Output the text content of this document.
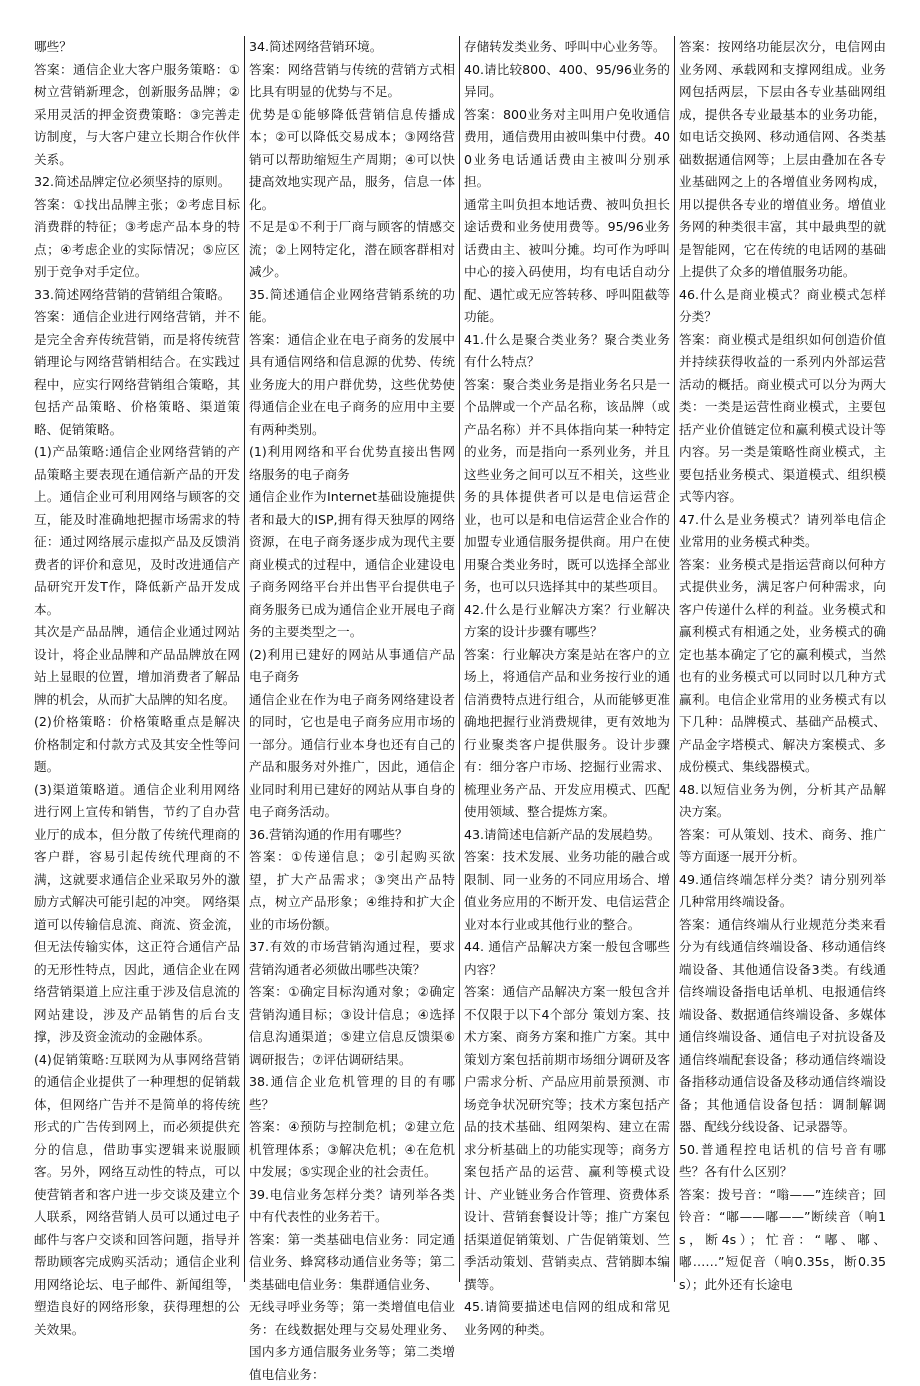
哪些？

答案：通信企业大客户服务策略：①树立营销新理念，创新服务品牌；②采用灵活的押金资费策略：③完善走访制度，与大客户建立长期合作伙伴关系。

32.简述品牌定位必须坚持的原则。

答案：①找出品牌主张；②考虑目标消费群的特征；③考虑产品本身的特点；④考虑企业的实际情况；⑤应区别于竞争对手定位。

33.简述网络营销的营销组合策略。

答案：通信企业进行网络营销，并不是完全舍弃传统营销，而是将传统营销理论与网络营销相结合。在实践过程中，应实行网络营销组合策略，其包括产品策略、价格策略、渠道策略、促销策略。

(1)产品策略:通信企业网络营销的产品策略主要表现在通信新产品的开发上。通信企业可利用网络与顾客的交互，能及时准确地把握市场需求的特征：通过网络展示虚拟产品及反馈消费者的评价和意见，及时改进通信产品研究开发T作，降低新产品开发成本。

其次是产品品牌，通信企业通过网站设计，将企业品牌和产品品牌放在网站上显眼的位置，增加消费者了解品牌的机会，从而扩大品牌的知名度。

(2)价格策略：价格策略重点是解决价格制定和付款方式及其安全性等问题。

(3)渠道策略道。通信企业利用网络进行网上宣传和销售，节约了自办营业厅的成本，但分散了传统代理商的客户群，容易引起传统代理商的不满，这就要求通信企业采取另外的激励方式解决可能引起的冲突。 网络渠道可以传输信息流、商流、资金流，但无法传输实体，这正符合通信产品的无形性特点，因此，通信企业在网络营销渠道上应注重于涉及信息流的网站建设，涉及产品销售的后台支撑，涉及资金流动的金融体系。

(4)促销策略:互联网为从事网络营销的通信企业提供了一种理想的促销载体，但网络广告并不是简单的将传统形式的广告传到网上，而必须提供充分的信息，借助事实逻辑来说服顾客。另外，网络互动性的特点，可以使营销者和客户进一步交谈及建立个人联系，网络营销人员可以通过电子邮件与客户交谈和回答问题，指导并帮助顾客完成购买活动；通信企业利用网络论坛、电子邮件、新闻组等，塑造良好的网络形象，获得理想的公关效果。

34.简述网络营销环境。

答案：网络营销与传统的营销方式相比具有明显的优势与不足。

优势是①能够降低营销信息传播成本；②可以降低交易成本；③网络营销可以帮助缩短生产周期；④可以快捷高效地实现产品，服务，信息一体化。

不足是①不利于厂商与顾客的情感交流；②上网特定化，潜在顾客群相对减少。

35.简述通信企业网络营销系统的功能。

答案：通信企业在电子商务的发展中具有通信网络和信息源的优势、传统业务庞大的用户群优势，这些优势使得通信企业在电子商务的应用中主要有两种类别。

(1)利用网络和平台优势直接出售网络服务的电子商务

通信企业作为Internet基础设施提供者和最大的ISP,拥有得天独厚的网络资源，在电子商务逐步成为现代主要商业模式的过程中，通信企业建设电子商务网络平台并出售平台提供电子商务服务已成为通信企业开展电子商务的主要类型之一。

(2)利用已建好的网站从事通信产品电子商务

通信企业在作为电子商务网络建设者的同时，它也是电子商务应用市场的一部分。通信行业本身也还有自己的产品和服务对外推广，因此，通信企业同时利用已建好的网站从事自身的电子商务活动。

36.营销沟通的作用有哪些？

答案：①传递信息；②引起购买欲望，扩大产品需求；③突出产品特点，树立产品形象；④维持和扩大企业的市场份额。

37.有效的市场营销沟通过程，要求营销沟通者必须做出哪些决策？

答案：①确定目标沟通对象；②确定营销沟通目标；③设计信息；④选择信息沟通渠道；⑤建立信息反馈渠⑥调研报告；⑦评估调研结果。

38.通信企业危机管理的目的有哪些？

答案：④预防与控制危机；②建立危机管理体系；③解决危机；④在危机中发展；⑤实现企业的社会责任。

39.电信业务怎样分类？请列举各类中有代表性的业务若干。

答案：第一类基础电信业务：同定通信业务、蜂窝移动通信业务等；第二类基础电信业务：集群通信业务、

无线寻呼业务等；第一类增值电信业务：在线数据处理与交易处理业务、国内多方通信服务业务等；第二类增值电信业务：

存储转发类业务、呼叫中心业务等。

40.请比较800、400、95/96业务的异同。

答案：800业务对主叫用户免收通信费用，通信费用由被叫集中付费。400业务电话通话费由主被叫分别承担。

通常主叫负担本地话费、被叫负担长途话费和业务使用费等。95/96业务话费由主、被叫分摊。均可作为呼叫中心的接入码使用，均有电话自动分配、遇忙或无应答转移、呼叫阻截等功能。

41.什么是聚合类业务？聚合类业务有什么特点？

答案：聚合类业务是指业务名只是一个品牌或一个产品名称，该品牌（或产品名称）并不具体指向某一种特定的业务，而是指向一系列业务，并且这些业务之间可以互不相关，这些业务的具体提供者可以是电信运营企业，也可以是和电信运营企业合作的加盟专业通信服务提供商。用户在使用聚合类业务时，既可以选择全部业务，也可以只选择其中的某些项目。

42.什么是行业解决方案？行业解决方案的设计步骤有哪些？

答案：行业解决方案是站在客户的立场上，将通信产品和业务按行业的通信消费特点进行组合，从而能够更准确地把握行业消费规律，更有效地为行业聚类客户提供服务。设计步骤有：细分客户市场、挖掘行业需求、梳理业务产品、开发应用模式、匹配使用领域、整合提炼方案。

43.请简述电信新产品的发展趋势。

答案：技术发展、业务功能的融合或限制、同一业务的不同应用场合、增值业务应用的不断开发、电信运营企业对本行业或其他行业的整合。

44. 通信产品解决方案一般包含哪些内容？

答案：通信产品解决方案一般包含并不仅限于以下4个部分 策划方案、技术方案、商务方案和推广方案。其中策划方案包括前期市场细分调研及客户需求分析、产品应用前景预测、市场竞争状况研究等；技术方案包括产品的技术基础、组网架构、建立在需求分析基础上的功能实现等；商务方案包括产品的运营、赢利等模式设计、产业链业务合作管理、资费体系设计、营销套餐设计等；推广方案包括渠道促销策划、广告促销策划、竺季活动策划、营销卖点、营销脚本编撰等。

45.请简要描述电信网的组成和常见业务网的种类。

答案：按网络功能层次分，电信网由业务网、承载网和支撑网组成。业务网包括两层，下层由各专业基础网组成，提供各专业最基本的业务功能，如电话交换网、移动通信网、各类基础数据通信网等；上层由叠加在各专业基础网之上的各增值业务网构成，用以提供各专业的增值业务。增值业务网的种类很丰富，其中最典型的就是智能网，它在传统的电话网的基础上提供了众多的增值服务功能。

46.什么是商业模式？商业模式怎样分类？

答案：商业模式是组织如何创造价值并持续获得收益的一系列内外部运营活动的概括。商业模式可以分为两大类：一类是运营性商业模式，主要包括产业价值链定位和赢利模式设计等内容。另一类是策略性商业模式，主要包括业务模式、渠道模式、组织模式等内容。

47.什么是业务模式？请列举电信企业常用的业务模式种类。

答案：业务模式是指运营商以何种方式提供业务，满足客户何种需求，向客户传递什么样的利益。业务模式和赢利模式有相通之处，业务模式的确定也基本确定了它的赢利模式，当然也有的业务模式可以同时以几种方式赢利。电信企业常用的业务模式有以下几种：品牌模式、基础产品模式、产品金字塔模式、解决方案模式、多成份模式、集线器模式。

48.以短信业务为例，分析其产品解决方案。

答案：可从策划、技术、商务、推广等方面逐一展开分析。

49.通信终端怎样分类？请分别列举几种常用终端设备。

答案：通信终端从行业规范分类来看分为有线通信终端设备、移动通信终端设备、其他通信设备3类。有线通信终端设备指电话单机、电报通信终端设备、数据通信终端设备、多媒体通信终端设备、通信电子对抗设备及通信终端配套设备；移动通信终端设备指移动通信设备及移动通信终端设备；其他通信设备包括：调制解调器、配线分线设备、记录器等。

50.普通程控电话机的信号音有哪些？各有什么区别？

答案：拨号音：“嗡——”连续音；回铃音：“嘟——嘟——”断续音（响1s，断4s）；忙音：“嘟、嘟、嘟……”短促音（响0.35s，断0.35s）；此外还有长途电
